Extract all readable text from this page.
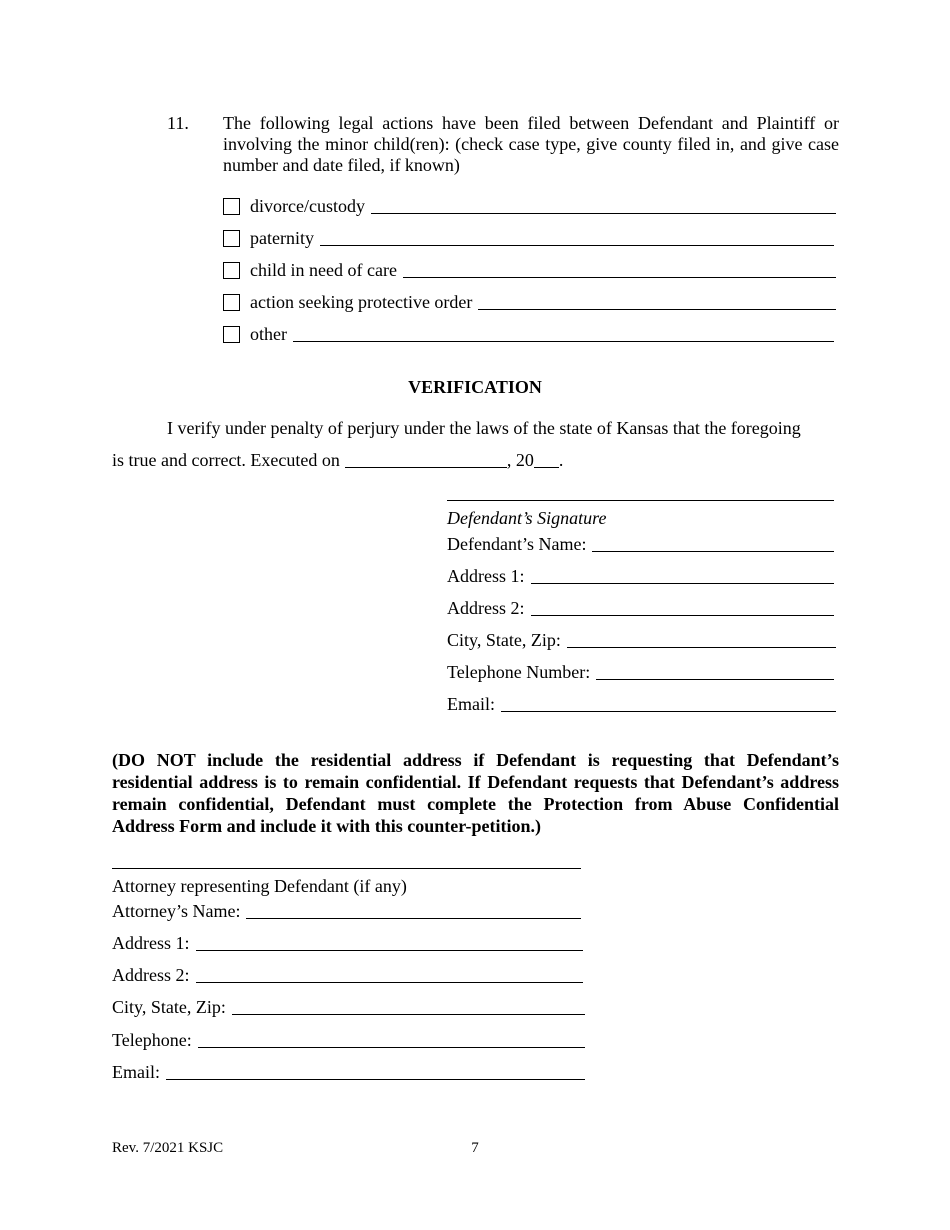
11. The following legal actions have been filed between Defendant and Plaintiff or involving the minor child(ren): (check case type, give county filed in, and give case number and date filed, if known)
divorce/custody
paternity
child in need of care
action seeking protective order
other
VERIFICATION
I verify under penalty of perjury under the laws of the state of Kansas that the foregoing
is true and correct. Executed on	, 20 .
Defendant’s Signature
Defendant’s Name:
Address 1:
Address 2:
City, State, Zip:
Telephone Number:
Email:
(DO NOT include the residential address if Defendant is requesting that Defendant’s residential address is to remain confidential. If Defendant requests that Defendant’s address remain confidential, Defendant must complete the Protection from Abuse Confidential Address Form and include it with this counter-petition.)
Attorney representing Defendant (if any)
Attorney’s Name:
Address 1:
Address 2:
City, State, Zip:
Telephone:
Email:
Rev. 7/2021 KSJC	7
